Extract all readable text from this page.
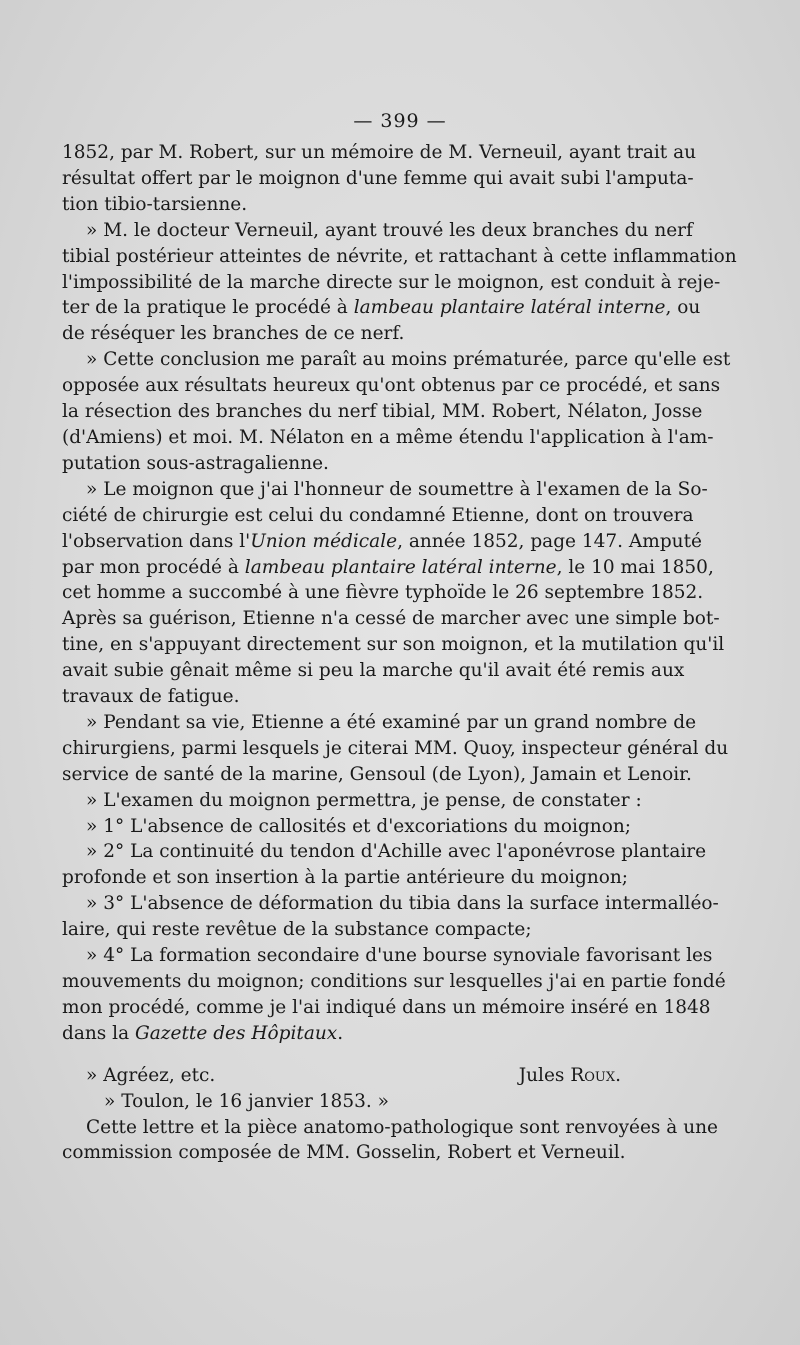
— 399 —

1852, par M. Robert, sur un mémoire de M. Verneuil, ayant trait au
résultat offert par le moignon d'une femme qui avait subi l'amputa-
tion tibio-tarsienne.

» M. le docteur Verneuil, ayant trouvé les deux branches du nerf
tibial postérieur atteintes de névrite, et rattachant à cette inflammation
l'impossibilité de la marche directe sur le moignon, est conduit à reje-
ter de la pratique le procédé à lambeau plantaire latéral interne, ou
de réséquer les branches de ce nerf.

» Cette conclusion me paraît au moins prématurée, parce qu'elle est
opposée aux résultats heureux qu'ont obtenus par ce procédé, et sans
la résection des branches du nerf tibial, MM. Robert, Nélaton, Josse
(d'Amiens) et moi. M. Nélaton en a même étendu l'application à l'am-
putation sous-astragalienne.

» Le moignon que j'ai l'honneur de soumettre à l'examen de la So-
ciété de chirurgie est celui du condamné Etienne, dont on trouvera
l'observation dans l'Union médicale, année 1852, page 147. Amputé
par mon procédé à lambeau plantaire latéral interne, le 10 mai 1850,
cet homme a succombé à une fièvre typhoïde le 26 septembre 1852.
Après sa guérison, Etienne n'a cessé de marcher avec une simple bot-
tine, en s'appuyant directement sur son moignon, et la mutilation qu'il
avait subie gênait même si peu la marche qu'il avait été remis aux
travaux de fatigue.

» Pendant sa vie, Etienne a été examiné par un grand nombre de
chirurgiens, parmi lesquels je citerai MM. Quoy, inspecteur général du
service de santé de la marine, Gensoul (de Lyon), Jamain et Lenoir.

» L'examen du moignon permettra, je pense, de constater :

» 1° L'absence de callosités et d'excoriations du moignon;

» 2° La continuité du tendon d'Achille avec l'aponévrose plantaire
profonde et son insertion à la partie antérieure du moignon;

» 3° L'absence de déformation du tibia dans la surface intermalléo-
laire, qui reste revêtue de la substance compacte;

» 4° La formation secondaire d'une bourse synoviale favorisant les
mouvements du moignon; conditions sur lesquelles j'ai en partie fondé
mon procédé, comme je l'ai indiqué dans un mémoire inséré en 1848
dans la Gazette des Hôpitaux.

» Agréez, etc.	Jules Roux.

» Toulon, le 16 janvier 1853. »

Cette lettre et la pièce anatomo-pathologique sont renvoyées à une
commission composée de MM. Gosselin, Robert et Verneuil.
